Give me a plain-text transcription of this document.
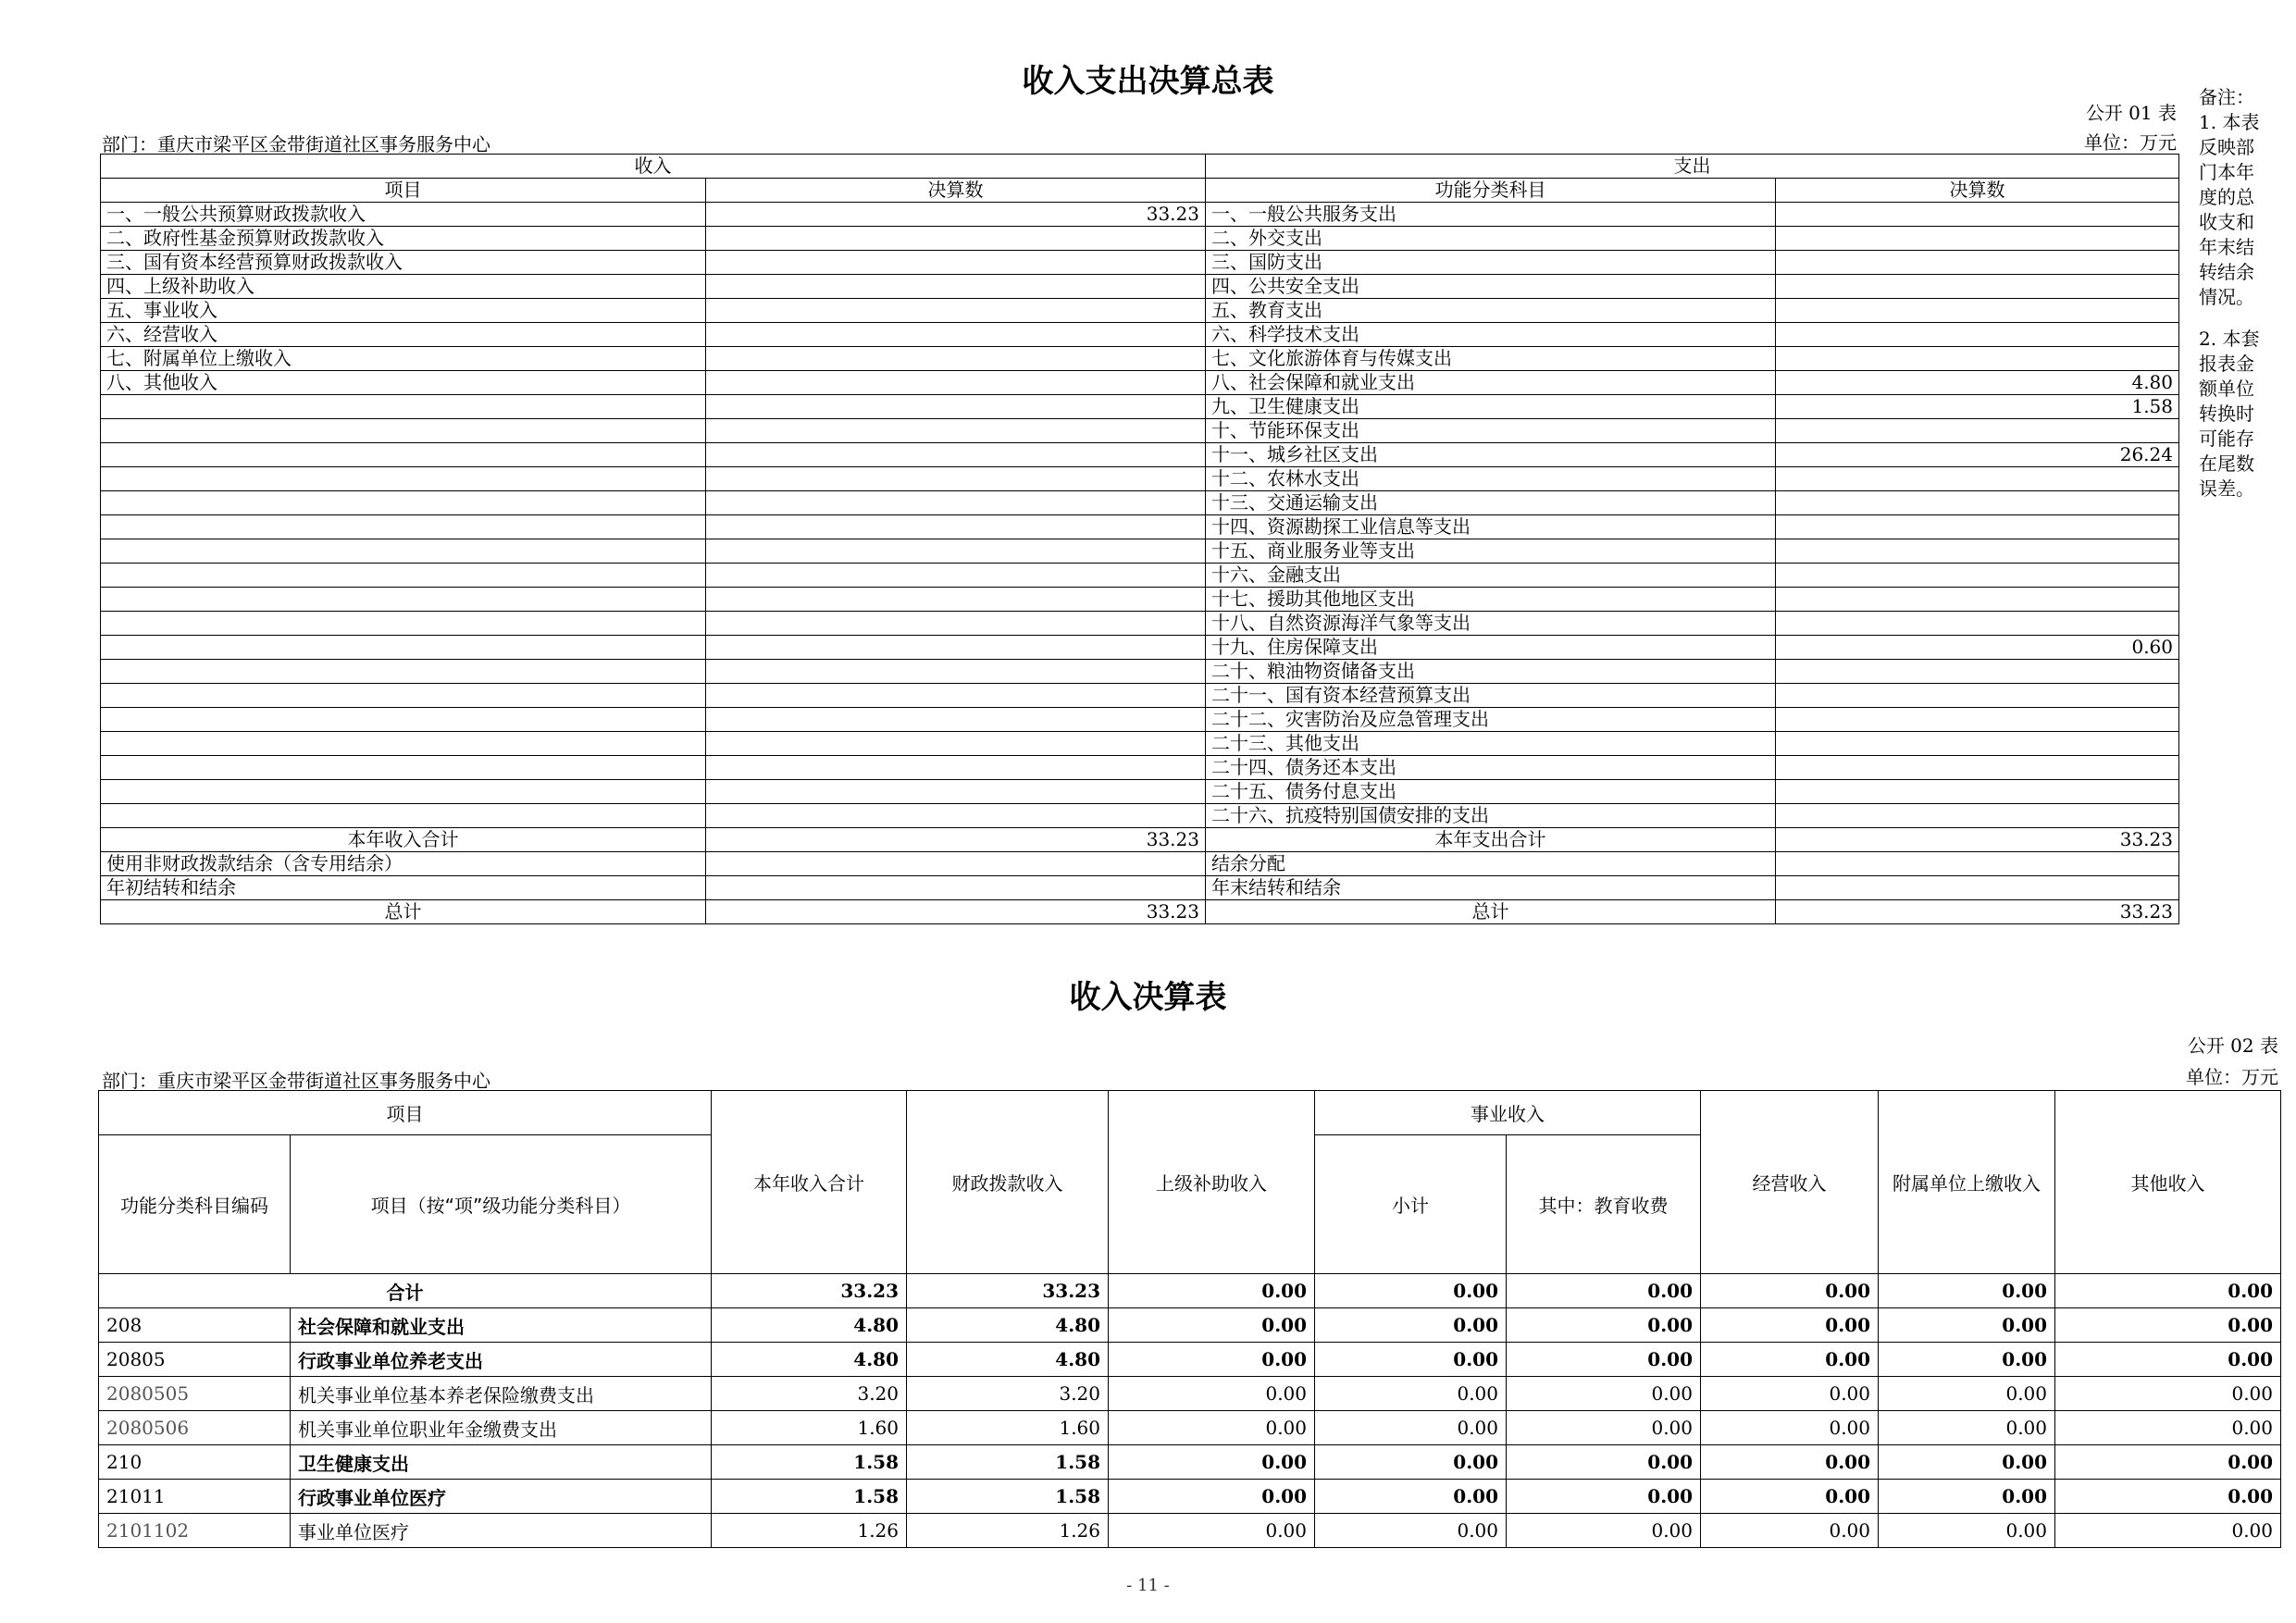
收入支出决算总表
公开 01 表
部门：重庆市梁平区金带街道社区事务服务中心	单位：万元
收入		支出	
项目	决算数	功能分类科目	决算数
一、一般公共预算财政拨款收入	33.23	一、一般公共服务支出	
二、政府性基金预算财政拨款收入		二、外交支出	
三、国有资本经营预算财政拨款收入		三、国防支出	
四、上级补助收入		四、公共安全支出	
五、事业收入		五、教育支出	
六、经营收入		六、科学技术支出	
七、附属单位上缴收入		七、文化旅游体育与传媒支出	
八、其他收入		八、社会保障和就业支出	4.80
		九、卫生健康支出	1.58
		十、节能环保支出	
		十一、城乡社区支出	26.24
		十二、农林水支出	
		十三、交通运输支出	
		十四、资源勘探工业信息等支出	
		十五、商业服务业等支出	
		十六、金融支出	
		十七、援助其他地区支出	
		十八、自然资源海洋气象等支出	
		十九、住房保障支出	0.60
		二十、粮油物资储备支出	
		二十一、国有资本经营预算支出	
		二十二、灾害防治及应急管理支出	
		二十三、其他支出	
		二十四、债务还本支出	
		二十五、债务付息支出	
		二十六、抗疫特别国债安排的支出	
本年收入合计	33.23	本年支出合计	33.23
使用非财政拨款结余（含专用结余）		结余分配	
年初结转和结余		年末结转和结余	
总计	33.23	总计	33.23
备注：1. 本表反映部门本年度的总收支和年末结转结余情况。
2. 本套报表金额单位转换时可能存在尾数误差。
收入决算表
公开 02 表
部门：重庆市梁平区金带街道社区事务服务中心	单位：万元
项目		本年收入合计	财政拨款收入	上级补助收入	事业收入		经营收入	附属单位上缴收入	其他收入
功能分类科目编码	项目（按“项”级功能分类科目）				小计	其中：教育收费			
合计		33.23	33.23	0.00	0.00	0.00	0.00	0.00	0.00
208	社会保障和就业支出	4.80	4.80	0.00	0.00	0.00	0.00	0.00	0.00
20805	行政事业单位养老支出	4.80	4.80	0.00	0.00	0.00	0.00	0.00	0.00
2080505	机关事业单位基本养老保险缴费支出	3.20	3.20	0.00	0.00	0.00	0.00	0.00	0.00
2080506	机关事业单位职业年金缴费支出	1.60	1.60	0.00	0.00	0.00	0.00	0.00	0.00
210	卫生健康支出	1.58	1.58	0.00	0.00	0.00	0.00	0.00	0.00
21011	行政事业单位医疗	1.58	1.58	0.00	0.00	0.00	0.00	0.00	0.00
2101102	事业单位医疗	1.26	1.26	0.00	0.00	0.00	0.00	0.00	0.00
- 11 -
